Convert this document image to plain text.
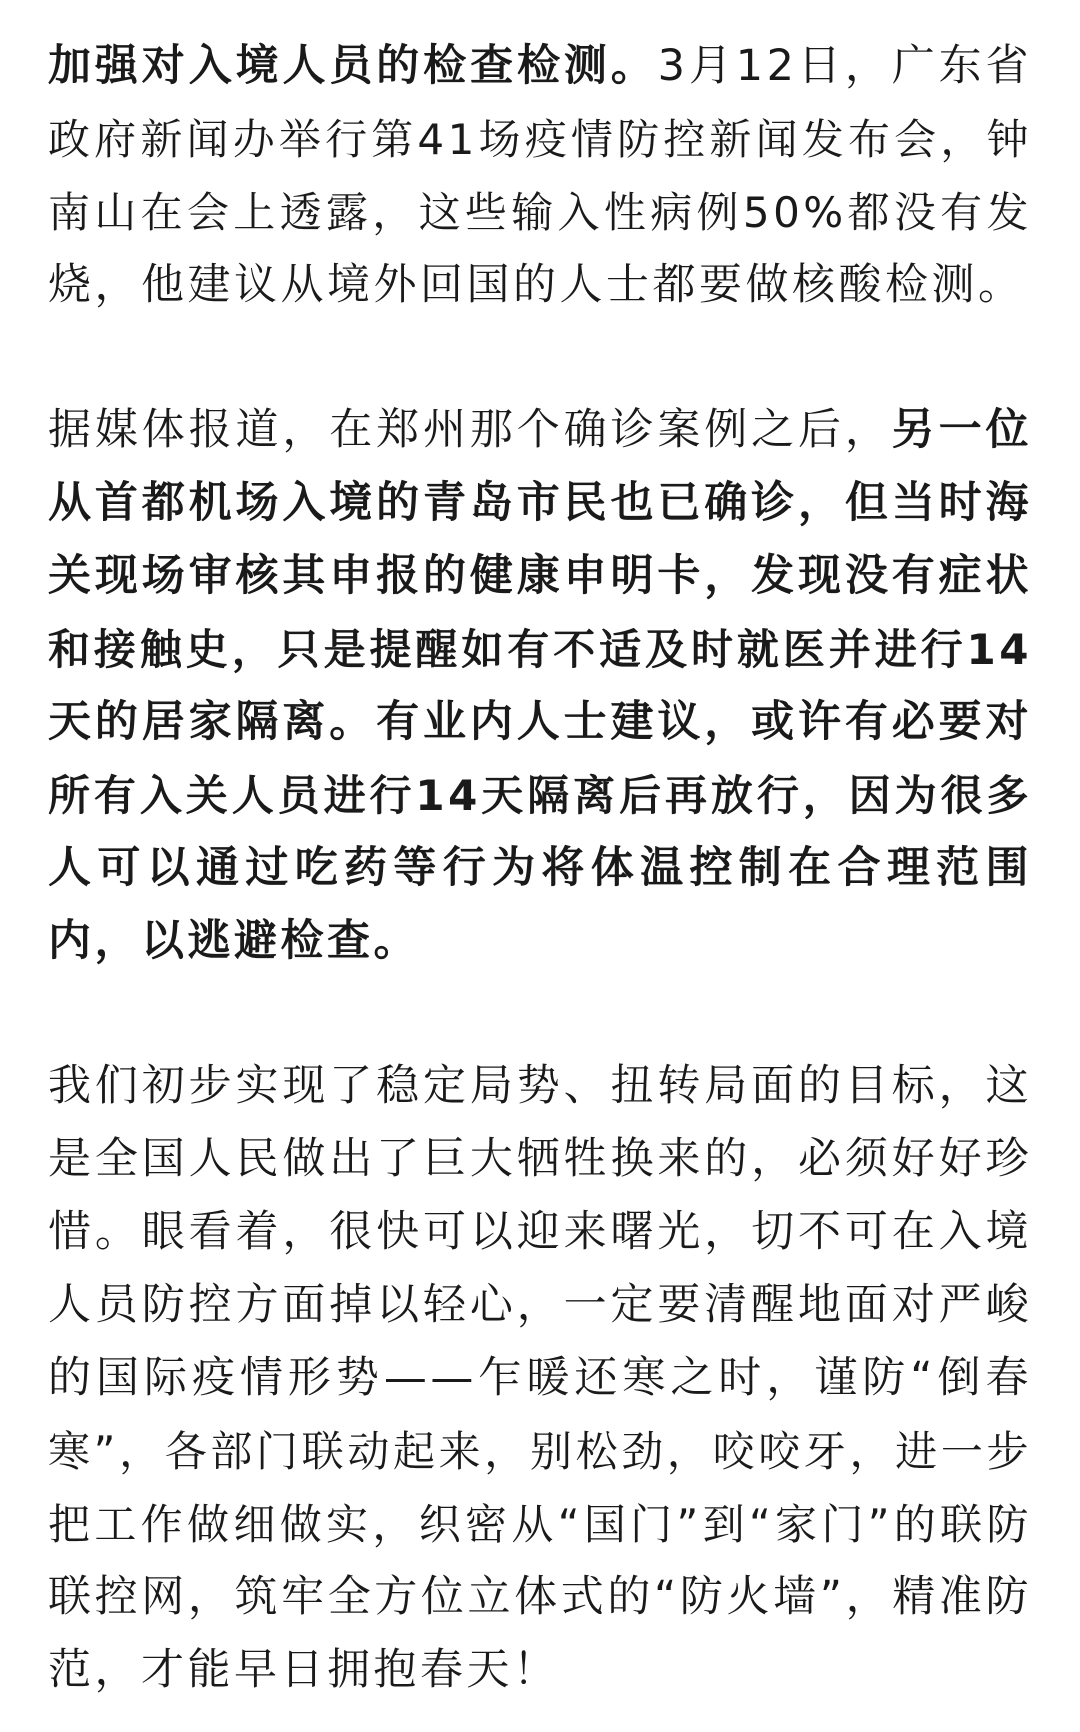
加强对入境人员的检查检测。3月12日，广东省
政府新闻办举行第41场疫情防控新闻发布会，钟
南山在会上透露，这些输入性病例50%都没有发
烧，他建议从境外回国的人士都要做核酸检测。

据媒体报道，在郑州那个确诊案例之后，另一位
从首都机场入境的青岛市民也已确诊，但当时海
关现场审核其申报的健康申明卡，发现没有症状
和接触史，只是提醒如有不适及时就医并进行14
天的居家隔离。有业内人士建议，或许有必要对
所有入关人员进行14天隔离后再放行，因为很多
人可以通过吃药等行为将体温控制在合理范围
内，以逃避检查。

我们初步实现了稳定局势、扭转局面的目标，这
是全国人民做出了巨大牺牲换来的，必须好好珍
惜。眼看着，很快可以迎来曙光，切不可在入境
人员防控方面掉以轻心，一定要清醒地面对严峻
的国际疫情形势——乍暖还寒之时，谨防“倒春
寒”，各部门联动起来，别松劲，咬咬牙，进一步
把工作做细做实，织密从“国门”到“家门”的联防
联控网，筑牢全方位立体式的“防火墙”，精准防
范，才能早日拥抱春天！
